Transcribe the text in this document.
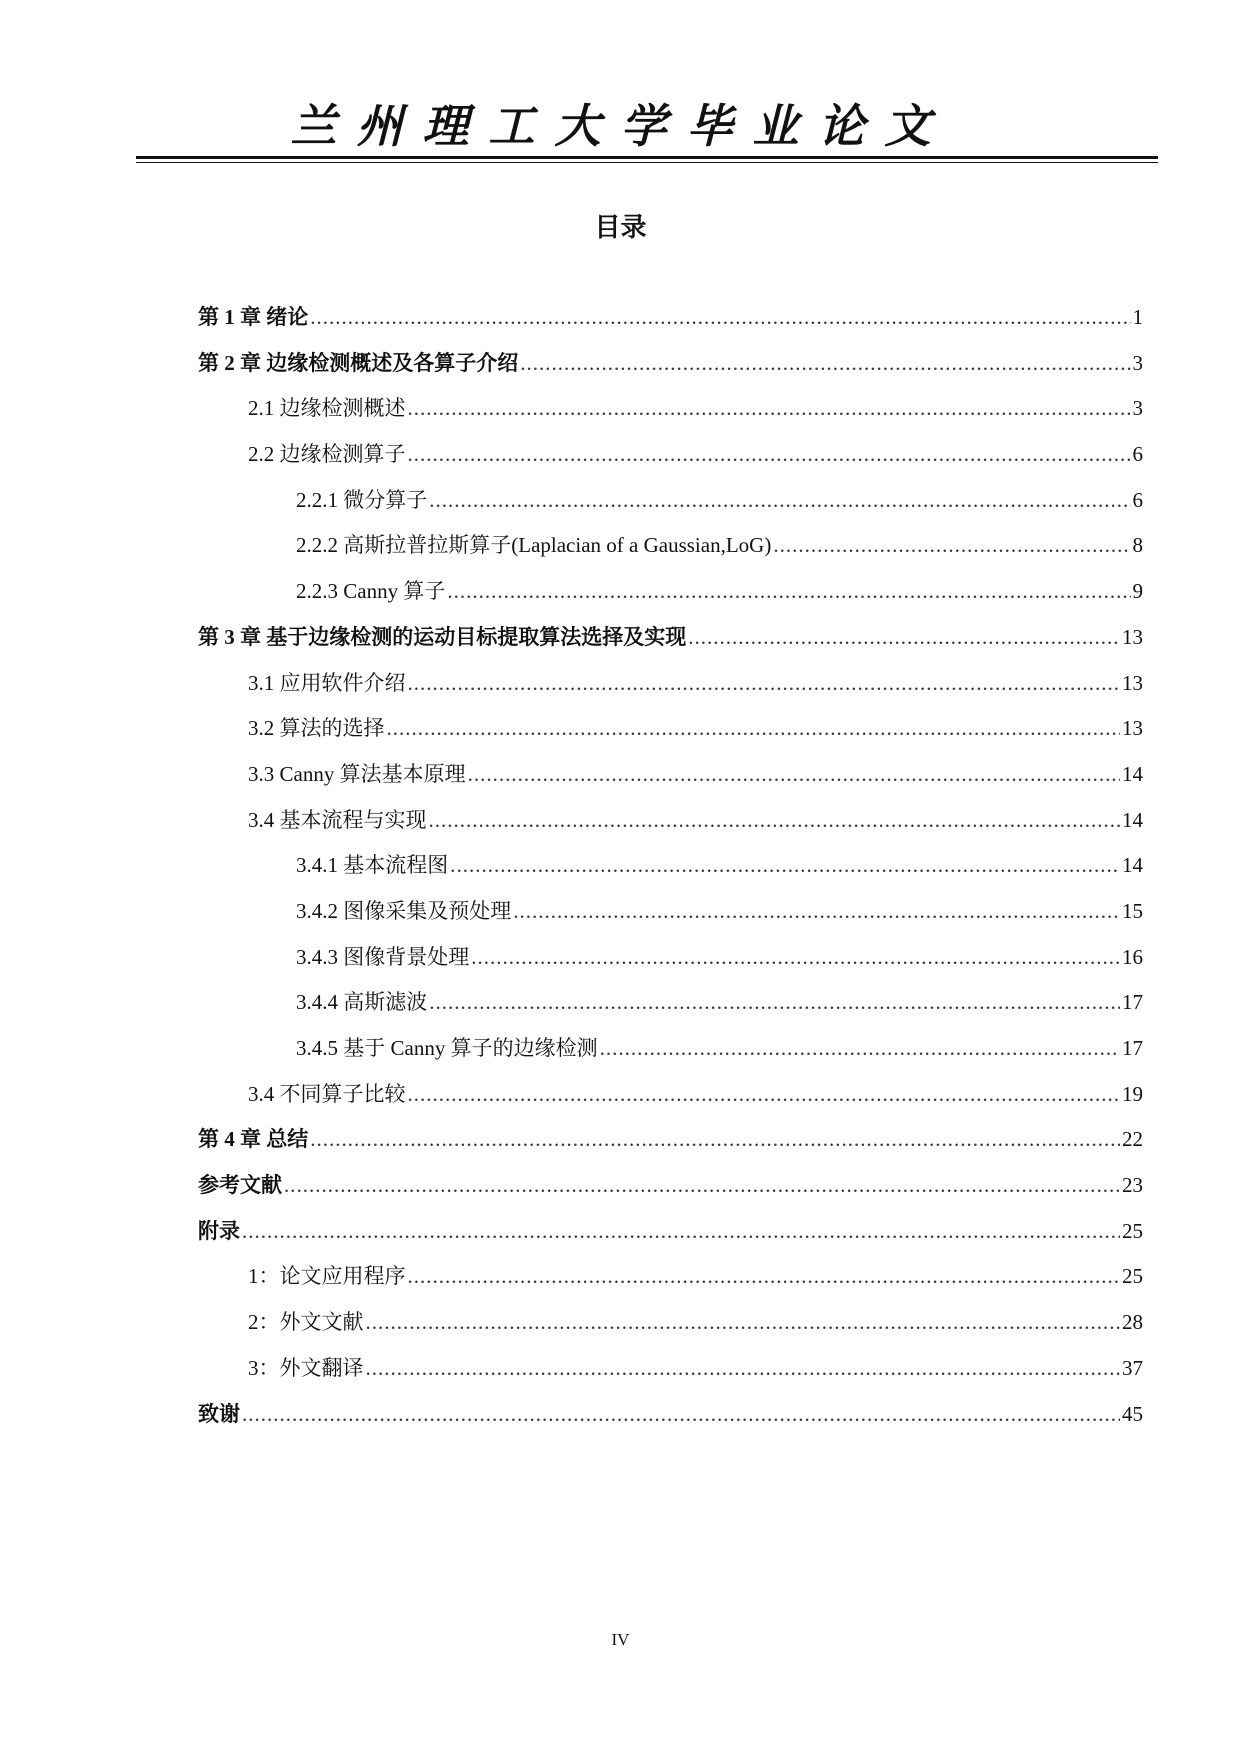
兰州理工大学毕业论文
目录
第 1 章 绪论 .....	1
第 2 章 边缘检测概述及各算子介绍 .....	3
2.1 边缘检测概述 .....	3
2.2 边缘检测算子 .....	6
2.2.1 微分算子 .....	6
2.2.2 高斯拉普拉斯算子(Laplacian of a Gaussian,LoG) .....	8
2.2.3 Canny 算子 .....	9
第 3 章 基于边缘检测的运动目标提取算法选择及实现 .....	13
3.1 应用软件介绍 .....	13
3.2 算法的选择 .....	13
3.3 Canny 算法基本原理 .....	14
3.4 基本流程与实现 .....	14
3.4.1 基本流程图 .....	14
3.4.2 图像采集及预处理 .....	15
3.4.3 图像背景处理 .....	16
3.4.4 高斯滤波 .....	17
3.4.5 基于 Canny 算子的边缘检测 .....	17
3.4 不同算子比较 .....	19
第 4 章 总结 .....	22
参考文献 .....	23
附录 .....	25
1：论文应用程序 .....	25
2：外文文献 .....	28
3：外文翻译 .....	37
致谢 .....	45
IV
